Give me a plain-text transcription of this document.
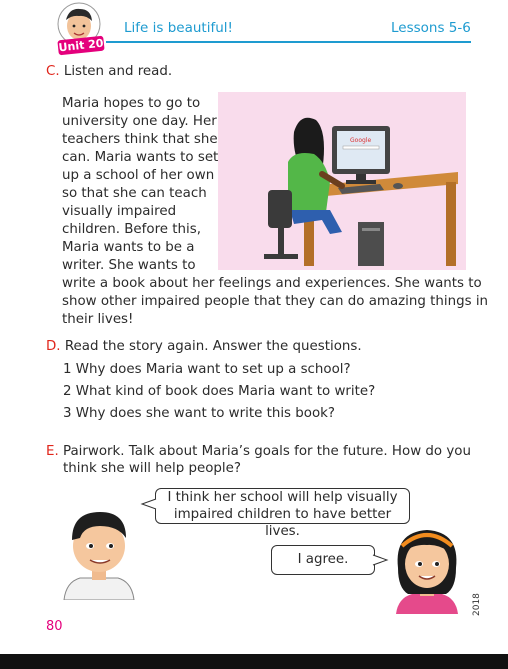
Unit 20
Life is beautiful!	Lessons 5-6
C. Listen and read.
Maria hopes to go to
university one day. Her
teachers think that she
can. Maria wants to set
up a school of her own
so that she can teach
visually impaired
children. Before this,
Maria wants to be a
writer. She wants to
write a book about her feelings and experiences. She wants to
show other impaired people that they can do amazing things in
their lives!
Google
D. Read the story again. Answer the questions.
1 Why does Maria want to set up a school?
2 What kind of book does Maria want to write?
3 Why does she want to write this book?
E. Pairwork. Talk about Maria’s goals for the future. How do you
think she will help people?
I think her school will help visually
impaired children to have better lives.
I agree.
80
2018
